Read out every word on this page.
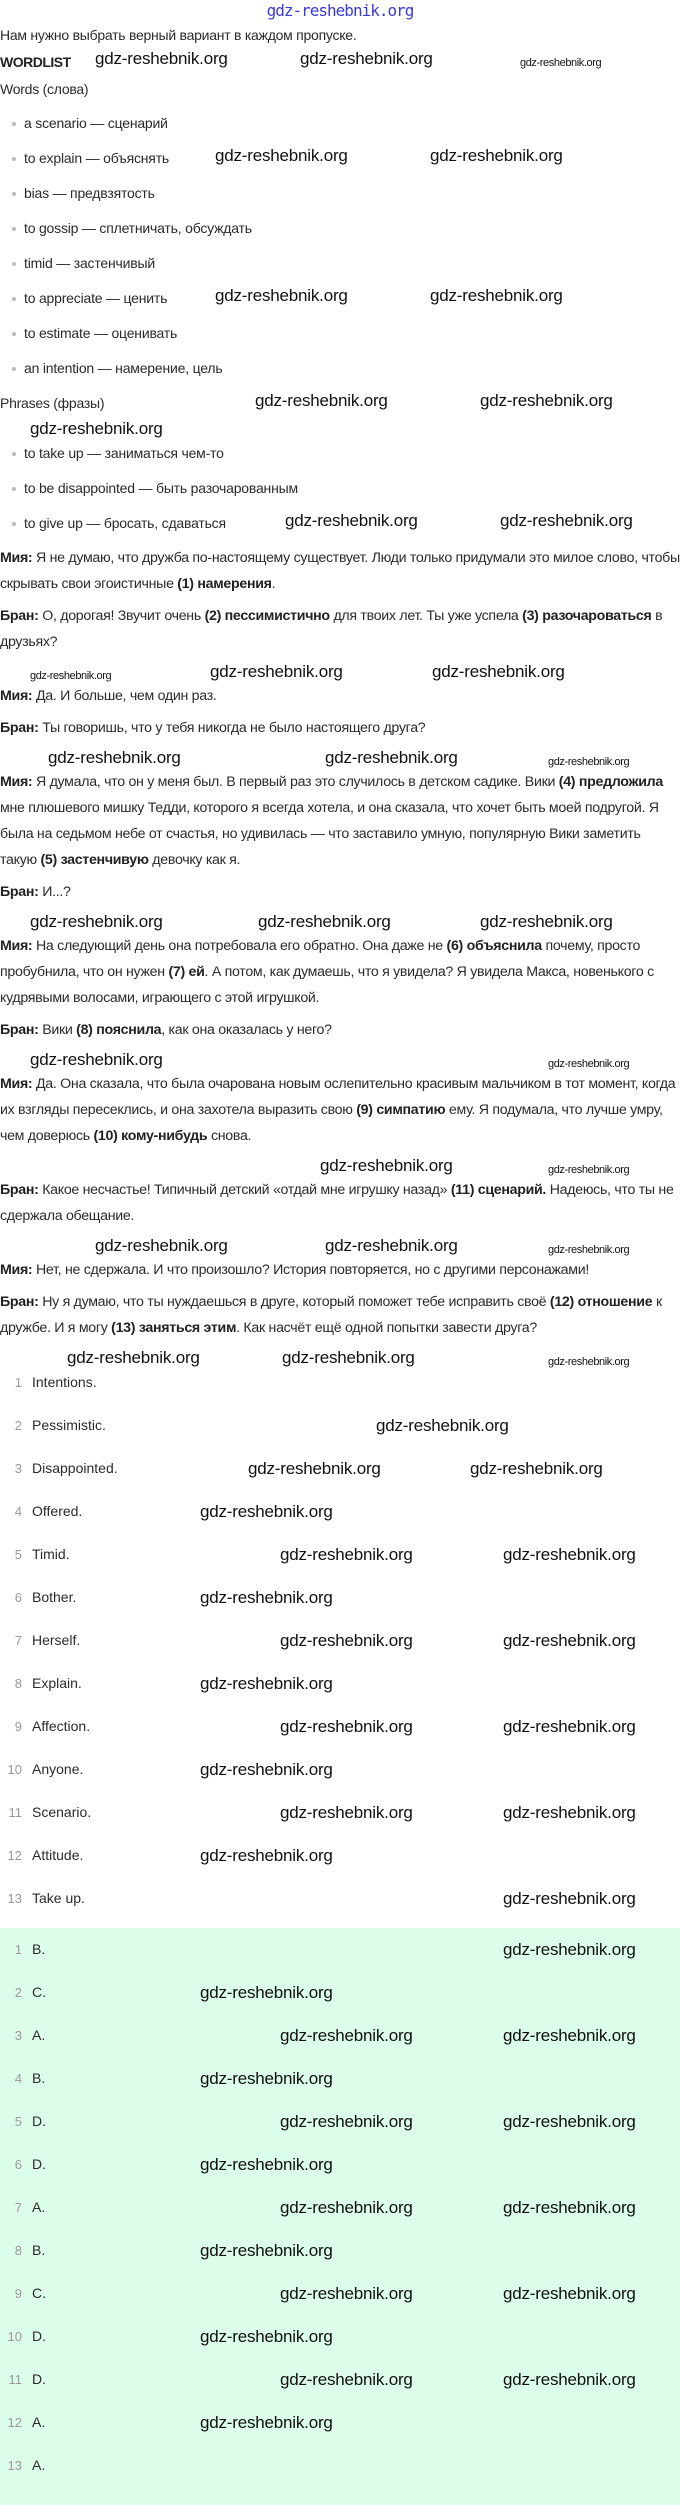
gdz-reshebnik.org
Нам нужно выбрать верный вариант в каждом пропуске.
WORDLIST gdz-reshebnik.org	gdz-reshebnik.org	gdz-reshebnik.org
Words (слова)
a scenario — сценарий
to explain — объяснять	gdz-reshebnik.org	gdz-reshebnik.org
bias — предвзятость
to gossip — сплетничать, обсуждать
timid — застенчивый
to appreciate — ценить	gdz-reshebnik.org	gdz-reshebnik.org
to estimate — оценивать
an intention — намерение, цель
Phrases (фразы)	gdz-reshebnik.org	gdz-reshebnik.org
gdz-reshebnik.org
to take up — заниматься чем-то
to be disappointed — быть разочарованным
to give up — бросать, сдаваться	gdz-reshebnik.org	gdz-reshebnik.org
Мия: Я не думаю, что дружба по-настоящему существует. Люди только придумали это милое слово, чтобы скрывать свои эгоистичные (1) намерения.
Бран: О, дорогая! Звучит очень (2) пессимистично для твоих лет. Ты уже успела (3) разочароваться в друзьях?
gdz-reshebnik.org	gdz-reshebnik.org	gdz-reshebnik.org
Мия: Да. И больше, чем один раз.
Бран: Ты говоришь, что у тебя никогда не было настоящего друга?
gdz-reshebnik.org	gdz-reshebnik.org	gdz-reshebnik.org
Мия: Я думала, что он у меня был. В первый раз это случилось в детском садике. Вики (4) предложила мне плюшевого мишку Тедди, которого я всегда хотела, и она сказала, что хочет быть моей подругой. Я была на седьмом небе от счастья, но удивилась — что заставило умную, популярную Вики заметить такую (5) застенчивую девочку как я.
Бран: И...?
gdz-reshebnik.org	gdz-reshebnik.org	gdz-reshebnik.org
Мия: На следующий день она потребовала его обратно. Она даже не (6) объяснила почему, просто пробубнила, что он нужен (7) ей. А потом, как думаешь, что я увидела? Я увидела Макса, новенького с кудрявыми волосами, играющего с этой игрушкой.
Бран: Вики (8) пояснила, как она оказалась у него?
gdz-reshebnik.org	gdz-reshebnik.org
Мия: Да. Она сказала, что была очарована новым ослепительно красивым мальчиком в тот момент, когда их взгляды пересеклись, и она захотела выразить свою (9) симпатию ему. Я подумала, что лучше умру, чем доверюсь (10) кому-нибудь снова.
gdz-reshebnik.org	gdz-reshebnik.org
Бран: Какое несчастье! Типичный детский «отдай мне игрушку назад» (11) сценарий. Надеюсь, что ты не сдержала обещание.
gdz-reshebnik.org	gdz-reshebnik.org	gdz-reshebnik.org
Мия: Нет, не сдержала. И что произошло? История повторяется, но с другими персонажами!
Бран: Ну я думаю, что ты нуждаешься в друге, который поможет тебе исправить своё (12) отношение к дружбе. И я могу (13) заняться этим. Как насчёт ещё одной попытки завести друга?
gdz-reshebnik.org	gdz-reshebnik.org	gdz-reshebnik.org
1 Intentions.
2 Pessimistic.	gdz-reshebnik.org
3 Disappointed.	gdz-reshebnik.org	gdz-reshebnik.org
4 Offered.	gdz-reshebnik.org
5 Timid.	gdz-reshebnik.org	gdz-reshebnik.org
6 Bother.	gdz-reshebnik.org
7 Herself.	gdz-reshebnik.org	gdz-reshebnik.org
8 Explain.	gdz-reshebnik.org
9 Affection.	gdz-reshebnik.org	gdz-reshebnik.org
10 Anyone.	gdz-reshebnik.org
11 Scenario.	gdz-reshebnik.org	gdz-reshebnik.org
12 Attitude.	gdz-reshebnik.org
13 Take up.	gdz-reshebnik.org
1 B.	gdz-reshebnik.org
2 C.	gdz-reshebnik.org
3 A.	gdz-reshebnik.org	gdz-reshebnik.org
4 B.	gdz-reshebnik.org
5 D.	gdz-reshebnik.org	gdz-reshebnik.org
6 D.	gdz-reshebnik.org
7 A.	gdz-reshebnik.org	gdz-reshebnik.org
8 B.	gdz-reshebnik.org
9 C.	gdz-reshebnik.org	gdz-reshebnik.org
10 D.	gdz-reshebnik.org
11 D.	gdz-reshebnik.org	gdz-reshebnik.org
12 A.	gdz-reshebnik.org
13 A.
